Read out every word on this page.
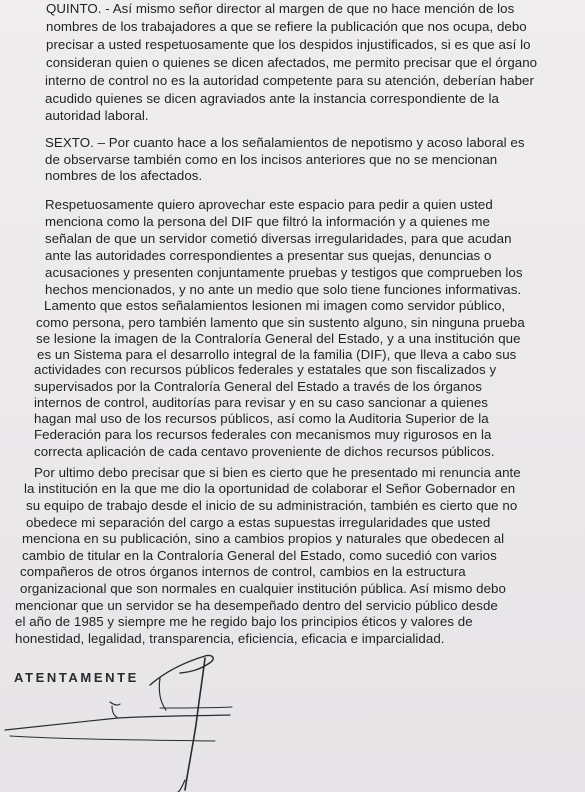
QUINTO. - Así mismo señor director al margen de que no hace mención de los
nombres de los trabajadores a que se refiere la publicación que nos ocupa, debo
precisar a usted respetuosamente que los despidos injustificados, si es que así lo
consideran quien o quienes se dicen afectados, me permito precisar que el órgano
interno de control no es la autoridad competente para su atención, deberían haber
acudido quienes se dicen agraviados ante la instancia correspondiente de la
autoridad laboral.
SEXTO. – Por cuanto hace a los señalamientos de nepotismo y acoso laboral es
de observarse también como en los incisos anteriores que no se mencionan
nombres de los afectados.
Respetuosamente quiero aprovechar este espacio para pedir a quien usted
menciona como la persona del DIF que filtró la información y a quienes me
señalan de que un servidor cometió diversas irregularidades, para que acudan
ante las autoridades correspondientes a presentar sus quejas, denuncias o
acusaciones y presenten conjuntamente pruebas y testigos que comprueben los
hechos mencionados, y no ante un medio que solo tiene funciones informativas.
Lamento que estos señalamientos lesionen mi imagen como servidor público,
como persona, pero también lamento que sin sustento alguno, sin ninguna prueba
se lesione la imagen de la Contraloría General del Estado, y a una institución que
es un Sistema para el desarrollo integral de la familia (DIF), que lleva a cabo sus
actividades con recursos públicos federales y estatales que son fiscalizados y
supervisados por la Contraloría General del Estado a través de los órganos
internos de control, auditorías para revisar y en su caso sancionar a quienes
hagan mal uso de los recursos públicos, así como la Auditoria Superior de la
Federación para los recursos federales con mecanismos muy rigurosos en la
correcta aplicación de cada centavo proveniente de dichos recursos públicos.
Por ultimo debo precisar que si bien es cierto que he presentado mi renuncia ante
la institución en la que me dio la oportunidad de colaborar el Señor Gobernador en
su equipo de trabajo desde el inicio de su administración, también es cierto que no
obedece mi separación del cargo a estas supuestas irregularidades que usted
menciona en su publicación, sino a cambios propios y naturales que obedecen al
cambio de titular en la Contraloría General del Estado, como sucedió con varios
compañeros de otros órganos internos de control, cambios en la estructura
organizacional que son normales en cualquier institución pública. Así mismo debo
mencionar que un servidor se ha desempeñado dentro del servicio público desde
el año de 1985 y siempre me he regido bajo los principios éticos y valores de
honestidad, legalidad, transparencia, eficiencia, eficacia e imparcialidad.
ATENTAMENTE
